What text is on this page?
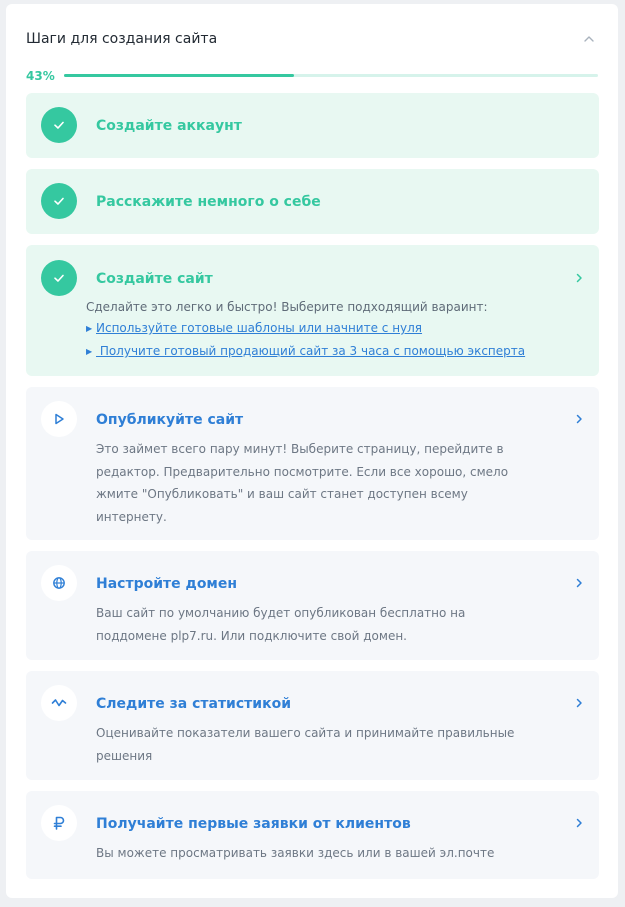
Шаги для создания сайта
43%
Создайте аккаунт
Расскажите немного о себе
Создайте сайт
Сделайте это легко и быстро! Выберите подходящий вараинт:
▶ Используйте готовые шаблоны или начните с нуля
▶ Получите готовый продающий сайт за 3 часа с помощью эксперта
Опубликуйте сайт
Это займет всего пару минут! Выберите страницу, перейдите в
редактор. Предварительно посмотрите. Если все хорошо, смело
жмите "Опубликовать" и ваш сайт станет доступен всему
интернету.
Настройте домен
Ваш сайт по умолчанию будет опубликован бесплатно на
поддомене plp7.ru. Или подключите свой домен.
Следите за статистикой
Оценивайте показатели вашего сайта и принимайте правильные
решения
Получайте первые заявки от клиентов
Вы можете просматривать заявки здесь или в вашей эл.почте
